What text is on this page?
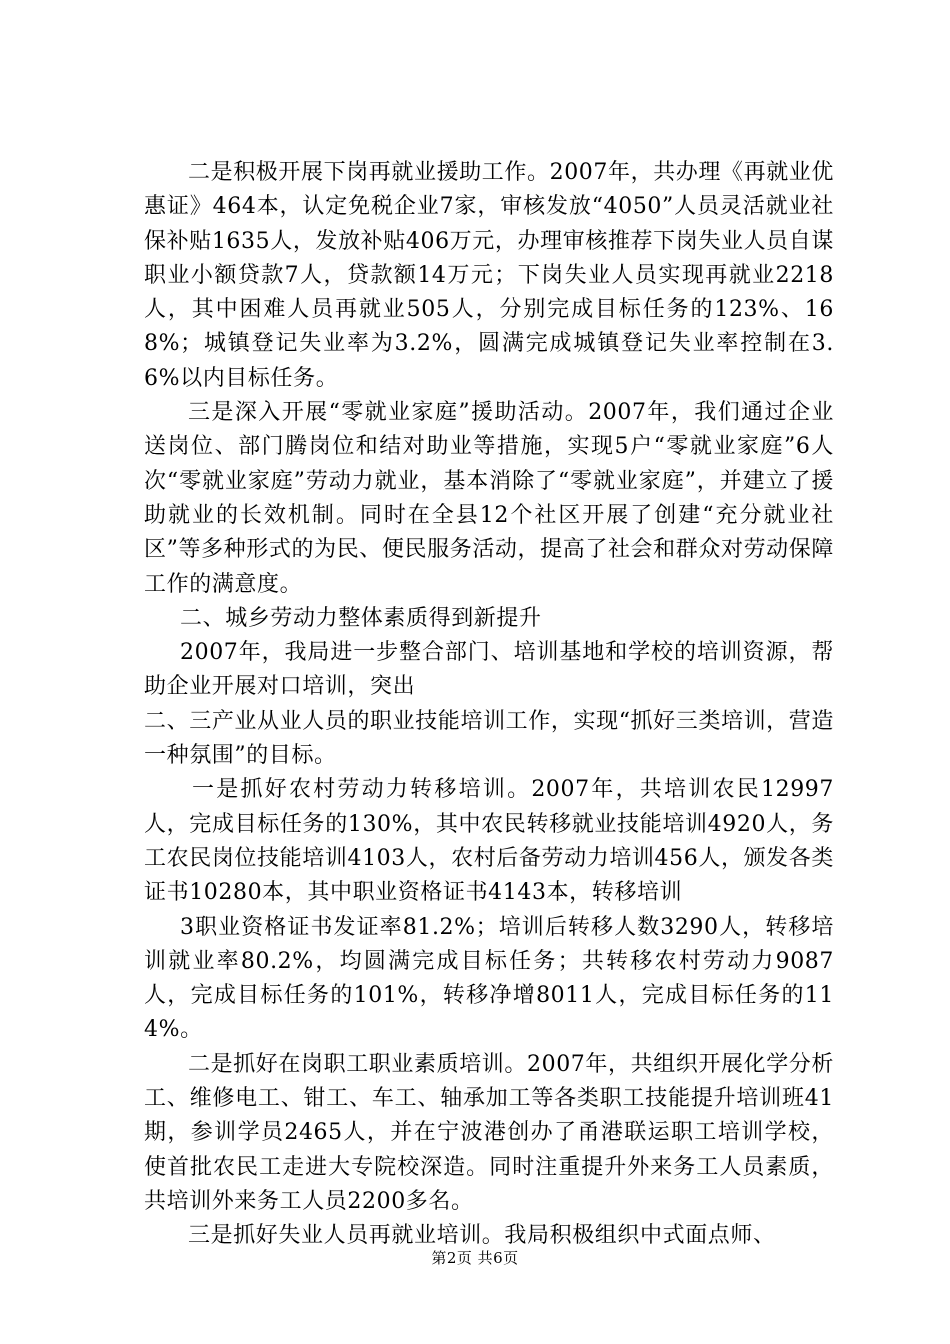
二是积极开展下岗再就业援助工作。2007年，共办理《再就业优惠证》464本，认定免税企业7家，审核发放“4050”人员灵活就业社保补贴1635人，发放补贴406万元，办理审核推荐下岗失业人员自谋职业小额贷款7人，贷款额14万元；下岗失业人员实现再就业2218人，其中困难人员再就业505人，分别完成目标任务的123%、168%；城镇登记失业率为3.2%，圆满完成城镇登记失业率控制在3.6%以内目标任务。

三是深入开展“零就业家庭”援助活动。2007年，我们通过企业送岗位、部门腾岗位和结对助业等措施，实现5户“零就业家庭”6人次“零就业家庭”劳动力就业，基本消除了“零就业家庭”，并建立了援助就业的长效机制。同时在全县12个社区开展了创建“充分就业社区”等多种形式的为民、便民服务活动，提高了社会和群众对劳动保障工作的满意度。

二、城乡劳动力整体素质得到新提升

2007年，我局进一步整合部门、培训基地和学校的培训资源，帮助企业开展对口培训，突出

二、三产业从业人员的职业技能培训工作，实现“抓好三类培训，营造一种氛围”的目标。

一是抓好农村劳动力转移培训。2007年，共培训农民12997人，完成目标任务的130%，其中农民转移就业技能培训4920人，务工农民岗位技能培训4103人，农村后备劳动力培训456人，颁发各类证书10280本，其中职业资格证书4143本，转移培训

3职业资格证书发证率81.2%；培训后转移人数3290人，转移培训就业率80.2%，均圆满完成目标任务；共转移农村劳动力9087人，完成目标任务的101%，转移净增8011人，完成目标任务的114%。

二是抓好在岗职工职业素质培训。2007年，共组织开展化学分析工、维修电工、钳工、车工、轴承加工等各类职工技能提升培训班41期，参训学员2465人，并在宁波港创办了甬港联运职工培训学校，使首批农民工走进大专院校深造。同时注重提升外来务工人员素质，共培训外来务工人员2200多名。

三是抓好失业人员再就业培训。我局积极组织中式面点师、

第2页 共6页
